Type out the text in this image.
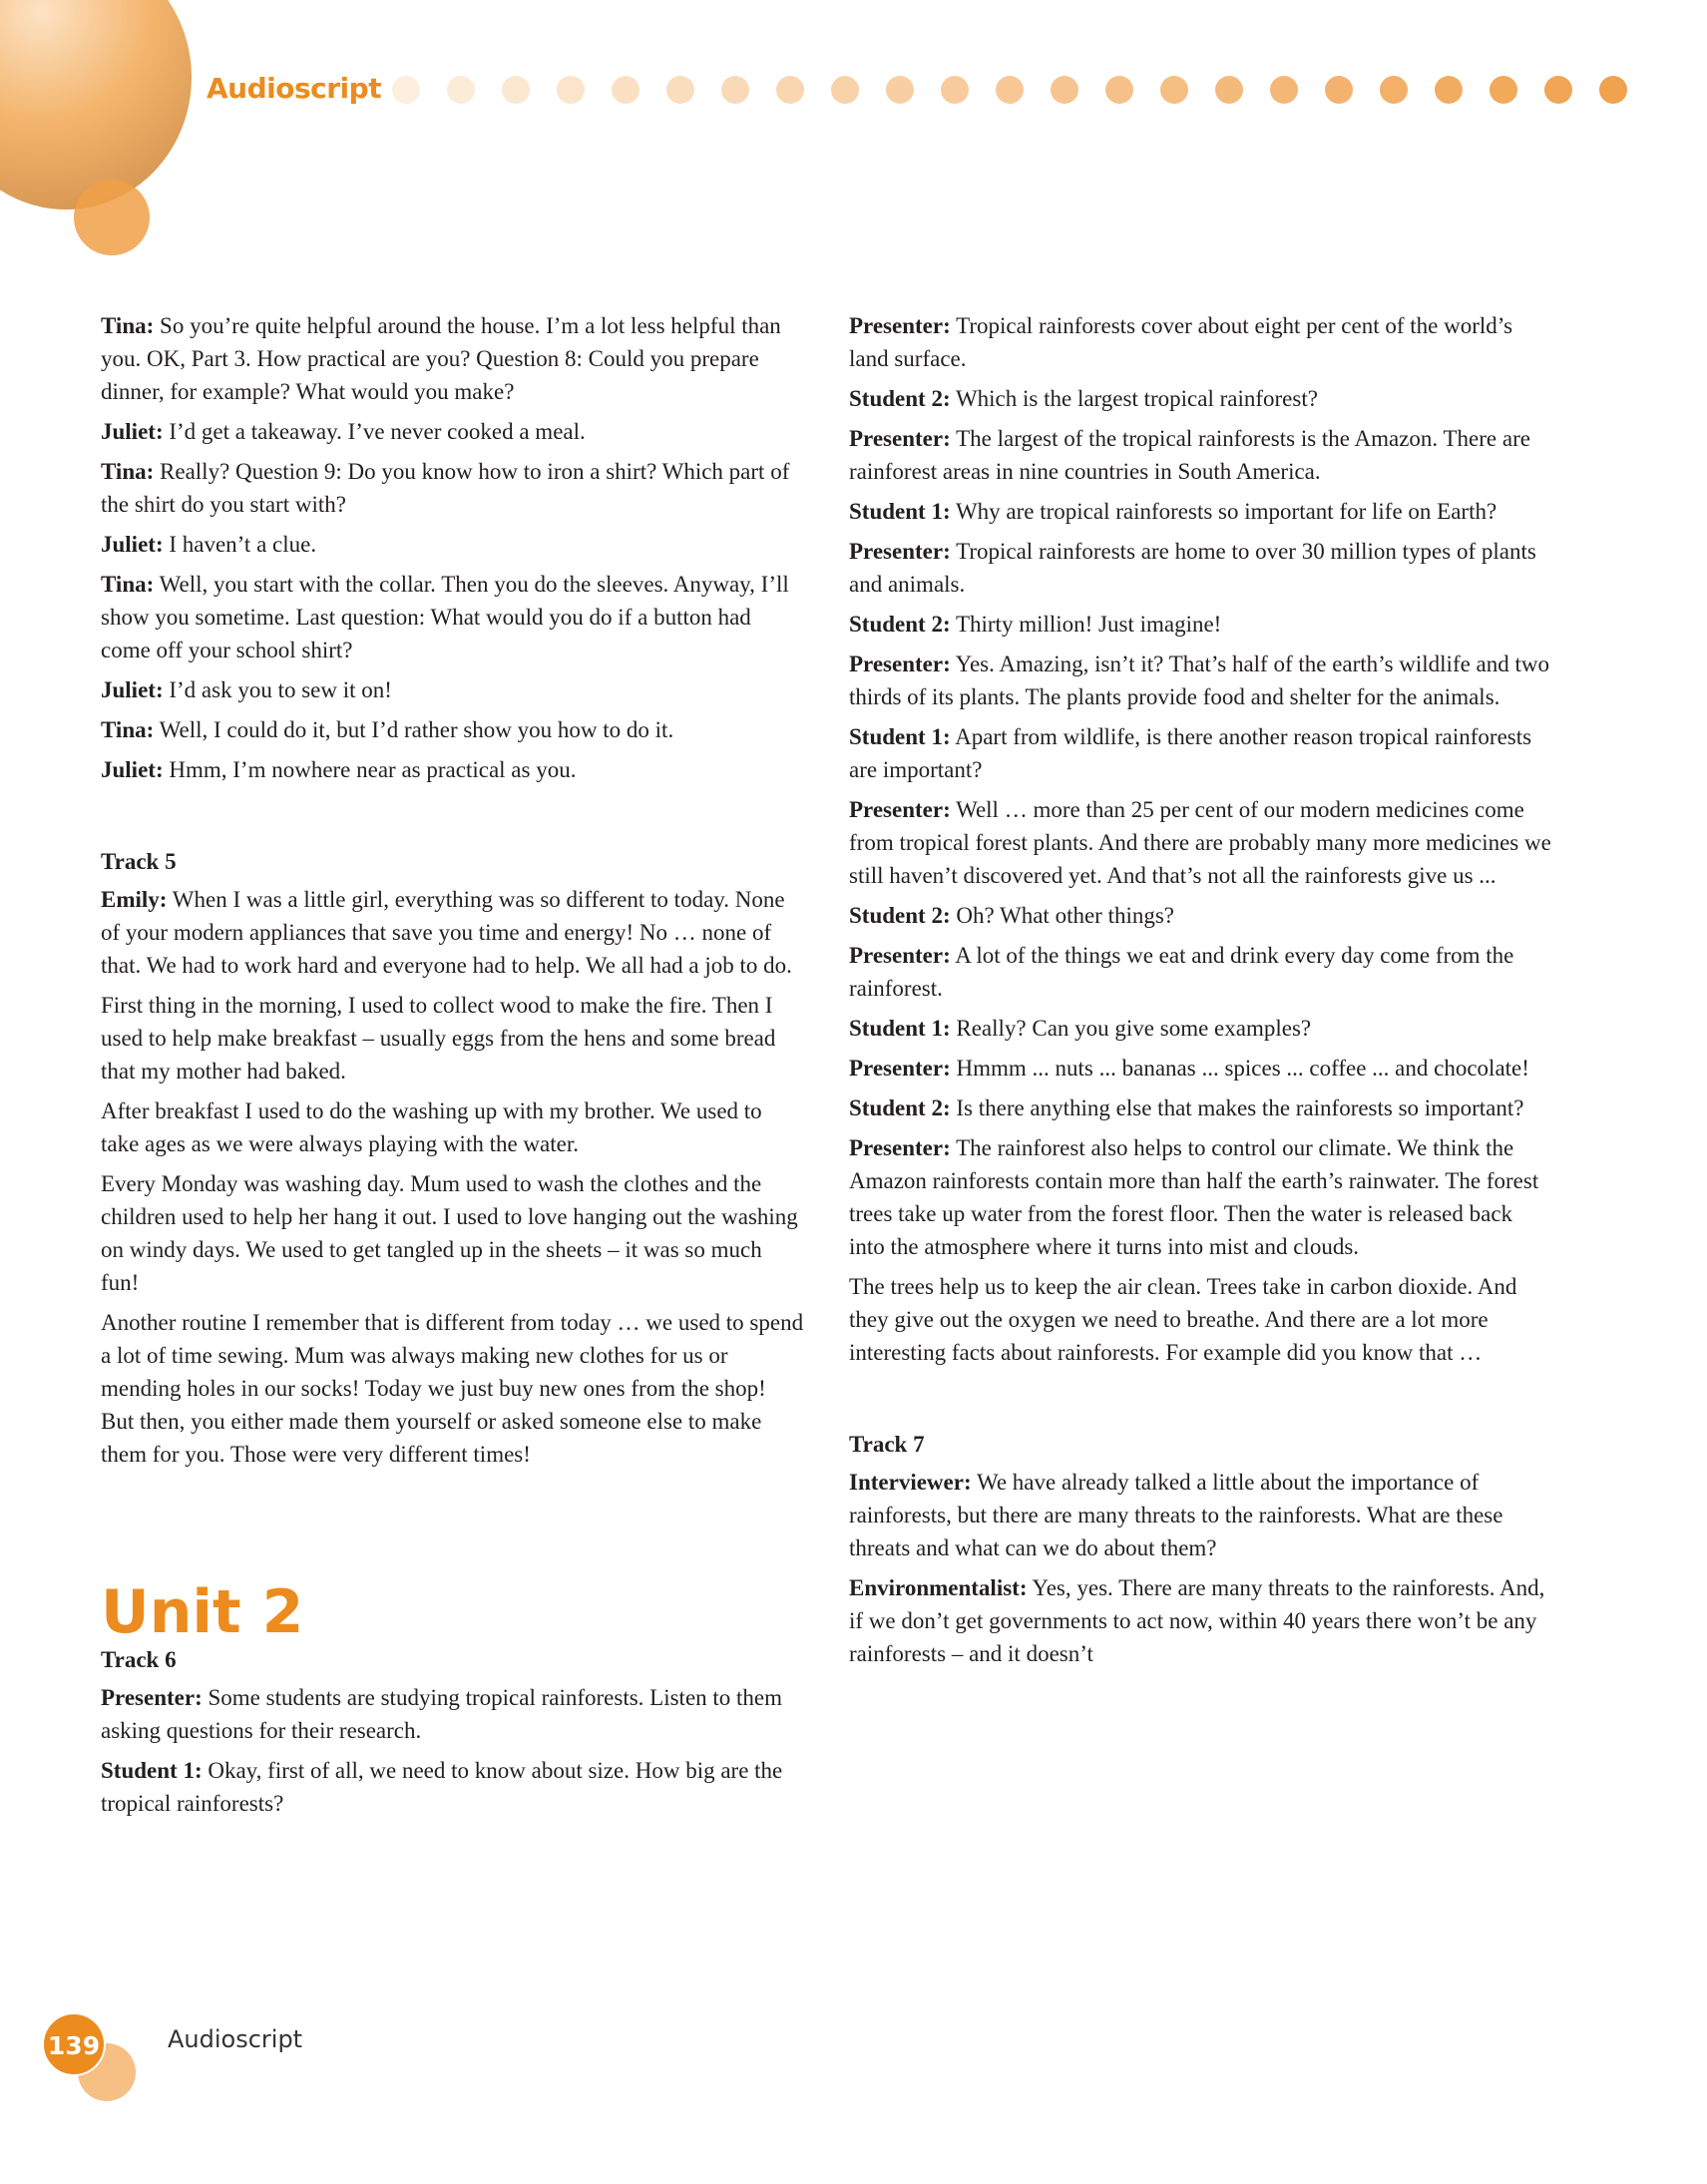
Audioscript

Tina: So you’re quite helpful around the house. I’m a lot less helpful than you. OK, Part 3. How practical are you? Question 8: Could you prepare dinner, for example? What would you make?

Juliet: I’d get a takeaway. I’ve never cooked a meal.

Tina: Really? Question 9: Do you know how to iron a shirt? Which part of the shirt do you start with?

Juliet: I haven’t a clue.

Tina: Well, you start with the collar. Then you do the sleeves. Anyway, I’ll show you sometime. Last question: What would you do if a button had come off your school shirt?

Juliet: I’d ask you to sew it on!

Tina: Well, I could do it, but I’d rather show you how to do it.

Juliet: Hmm, I’m nowhere near as practical as you.

Track 5

Emily: When I was a little girl, everything was so different to today. None of your modern appliances that save you time and energy! No … none of that. We had to work hard and everyone had to help. We all had a job to do.

First thing in the morning, I used to collect wood to make the fire. Then I used to help make breakfast – usually eggs from the hens and some bread that my mother had baked.

After breakfast I used to do the washing up with my brother. We used to take ages as we were always playing with the water.

Every Monday was washing day. Mum used to wash the clothes and the children used to help her hang it out. I used to love hanging out the washing on windy days. We used to get tangled up in the sheets – it was so much fun!

Another routine I remember that is different from today … we used to spend a lot of time sewing. Mum was always making new clothes for us or mending holes in our socks! Today we just buy new ones from the shop! But then, you either made them yourself or asked someone else to make them for you. Those were very different times!

Unit 2
Track 6

Presenter: Some students are studying tropical rainforests. Listen to them asking questions for their research.

Student 1: Okay, first of all, we need to know about size. How big are the tropical rainforests?

Presenter: Tropical rainforests cover about eight per cent of the world’s land surface.

Student 2: Which is the largest tropical rainforest?

Presenter: The largest of the tropical rainforests is the Amazon. There are rainforest areas in nine countries in South America.

Student 1: Why are tropical rainforests so important for life on Earth?

Presenter: Tropical rainforests are home to over 30 million types of plants and animals.

Student 2: Thirty million! Just imagine!

Presenter: Yes. Amazing, isn’t it? That’s half of the earth’s wildlife and two thirds of its plants. The plants provide food and shelter for the animals.

Student 1: Apart from wildlife, is there another reason tropical rainforests are important?

Presenter: Well … more than 25 per cent of our modern medicines come from tropical forest plants. And there are probably many more medicines we still haven’t discovered yet. And that’s not all the rainforests give us ...

Student 2: Oh? What other things?

Presenter: A lot of the things we eat and drink every day come from the rainforest.

Student 1: Really? Can you give some examples?

Presenter: Hmmm ... nuts ... bananas ... spices ... coffee ... and chocolate!

Student 2: Is there anything else that makes the rainforests so important?

Presenter: The rainforest also helps to control our climate. We think the Amazon rainforests contain more than half the earth’s rainwater. The forest trees take up water from the forest floor. Then the water is released back into the atmosphere where it turns into mist and clouds.

The trees help us to keep the air clean. Trees take in carbon dioxide. And they give out the oxygen we need to breathe. And there are a lot more interesting facts about rainforests. For example did you know that …

Track 7

Interviewer: We have already talked a little about the importance of rainforests, but there are many threats to the rainforests. What are these threats and what can we do about them?

Environmentalist: Yes, yes. There are many threats to the rainforests. And, if we don’t get governments to act now, within 40 years there won’t be any rainforests – and it doesn’t

139	Audioscript
